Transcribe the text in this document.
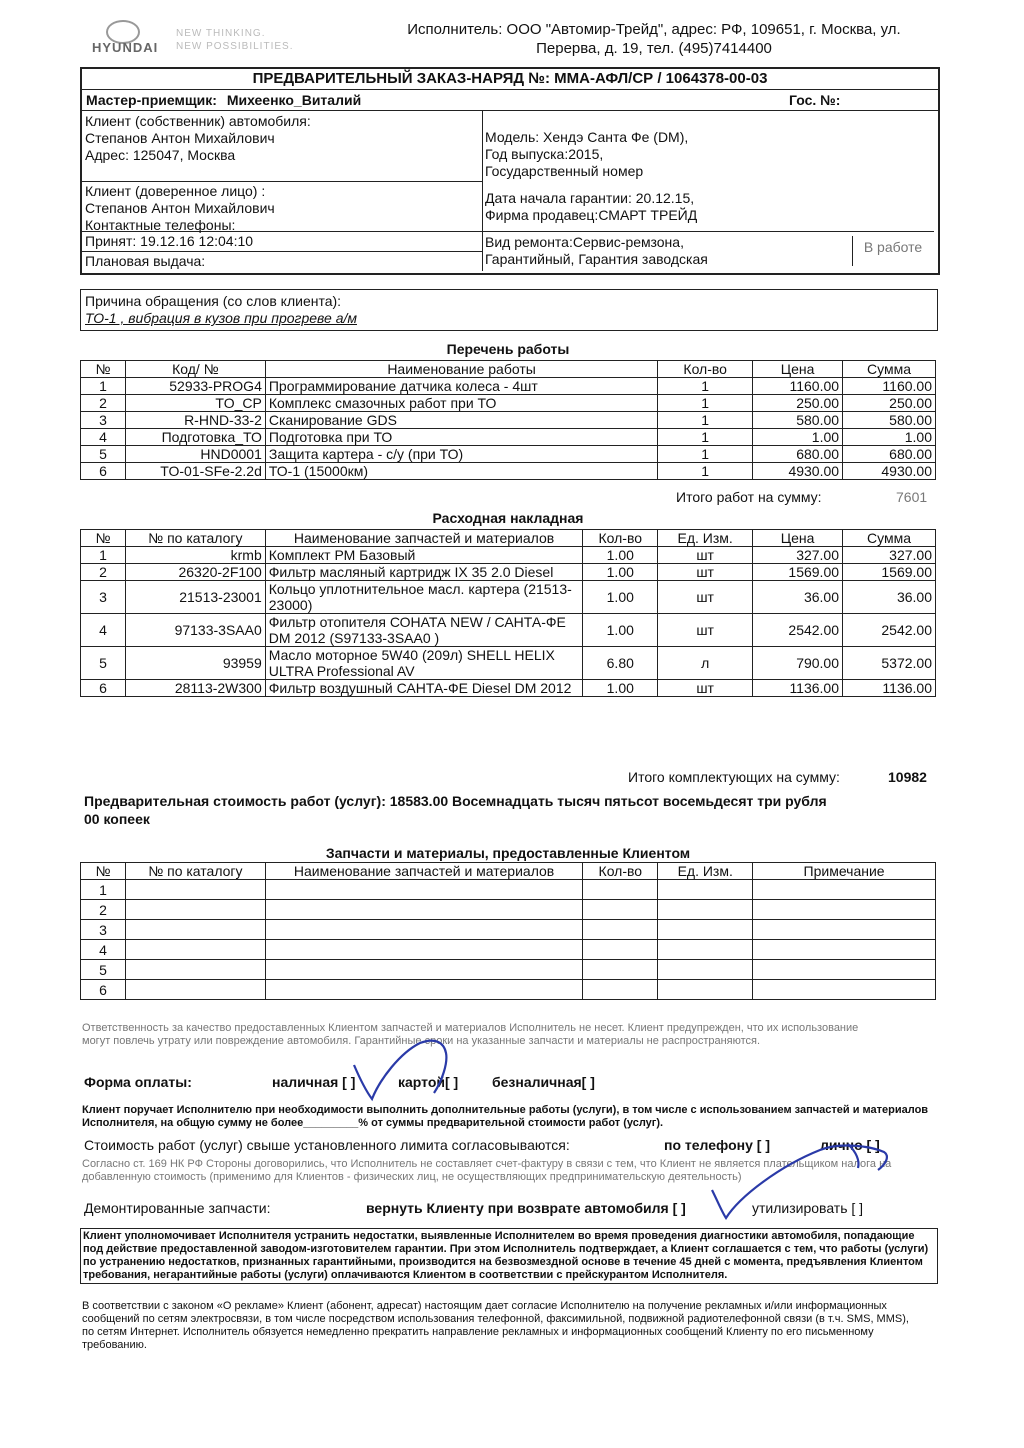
HYUNDAI
NEW THINKING.
NEW POSSIBILITIES.
Исполнитель: ООО "Автомир-Трейд", адрес: РФ, 109651, г. Москва, ул.
Перерва, д. 19, тел. (495)7414400
ПРЕДВАРИТЕЛЬНЫЙ ЗАКАЗ-НАРЯД №: ММА-АФЛ/СР / 1064378-00-03
Мастер-приемщик: Михеенко_Виталий	Гос. №:
Клиент (собственник) автомобиля:
Степанов Антон Михайлович
Адрес: 125047, Москва
Клиент (доверенное лицо) :
Степанов Антон Михайлович
Контактные телефоны:
Принят: 19.12.16 12:04:10
Плановая выдача:
Модель: Хендэ Санта Фе (DM),
Год выпуска:2015,
Государственный номер
Дата начала гарантии: 20.12.15,
Фирма продавец:СМАРТ ТРЕЙД
Вид ремонта:Сервис-ремзона,
Гарантийный, Гарантия заводская
В работе
Причина обращения (со слов клиента):
ТО-1 , вибрация в кузов при прогреве а/м
Перечень работы
№	Код/ №	Наименование работы	Кол-во	Цена	Сумма
1	52933-PROG4	Программирование датчика колеса - 4шт	1	1160.00	1160.00
2	TO_CP	Комплекс смазочных работ при ТО	1	250.00	250.00
3	R-HND-33-2	Сканирование GDS	1	580.00	580.00
4	Подготовка_ТО	Подготовка при ТО	1	1.00	1.00
5	HND0001	Защита картера - с/у (при ТО)	1	680.00	680.00
6	TO-01-SFe-2.2d	ТО-1 (15000км)	1	4930.00	4930.00
Итого работ на сумму:	7601
Расходная накладная
№	№ по каталогу	Наименование запчастей и материалов	Кол-во	Ед. Изм.	Цена	Сумма
1	krmb	Комплект РМ Базовый	1.00	шт	327.00	327.00
2	26320-2F100	Фильтр масляный картридж IX 35 2.0 Diesel	1.00	шт	1569.00	1569.00
3	21513-23001	Кольцо уплотнительное масл. картера (21513-23000)	1.00	шт	36.00	36.00
4	97133-3SAA0	Фильтр отопителя СОНАТА NEW / САНТА-ФЕ DM 2012 (S97133-3SAA0 )	1.00	шт	2542.00	2542.00
5	93959	Масло моторное 5W40 (209л) SHELL HELIX ULTRA Professional AV	6.80	л	790.00	5372.00
6	28113-2W300	Фильтр воздушный САНТА-ФЕ Diesel DM 2012	1.00	шт	1136.00	1136.00
Итого комплектующих на сумму:	10982
Предварительная стоимость работ (услуг): 18583.00 Восемнадцать тысяч пятьсот восемьдесят три рубля
00 копеек
Запчасти и материалы, предоставленные Клиентом
№	№ по каталогу	Наименование запчастей и материалов	Кол-во	Ед. Изм.	Примечание
1					
2					
3					
4					
5					
6					
Ответственность за качество предоставленных Клиентом запчастей и материалов Исполнитель не несет. Клиент предупрежден, что их использование могут повлечь утрату или повреждение автомобиля. Гарантийные сроки на указанные запчасти и материалы не распространяются.
Форма оплаты:	наличная [ ]	картой[ ] безналичная[ ]
Клиент поручает Исполнителю при необходимости выполнить дополнительные работы (услуги), в том числе с использованием запчастей и материалов Исполнителя, на общую сумму не более_________% от суммы предварительной стоимости работ (услуг).
Стоимость работ (услуг) свыше установленного лимита согласовываются:	по телефону [ ]	лично [ ]
Согласно ст. 169 НК РФ Стороны договорились, что Исполнитель не составляет счет-фактуру в связи с тем, что Клиент не является плательщиком налога на добавленную стоимость (применимо для Клиентов - физических лиц, не осуществляющих предпринимательскую деятельность)
Демонтированные запчасти:	вернуть Клиенту при возврате автомобиля [ ]	утилизировать [ ]
Клиент уполномочивает Исполнителя устранить недостатки, выявленные Исполнителем во время проведения диагностики автомобиля, попадающие под действие предоставленной заводом-изготовителем гарантии. При этом Исполнитель подтверждает, а Клиент соглашается с тем, что работы (услуги) по устранению недостатков, признанных гарантийными, производится на безвозмездной основе в течение 45 дней с момента, предъявления Клиентом требования, негарантийные работы (услуги) оплачиваются Клиентом в соответствии с прейскурантом Исполнителя.
В соответствии с законом «О рекламе» Клиент (абонент, адресат) настоящим дает согласие Исполнителю на получение рекламных и/или информационных сообщений по сетям электросвязи, в том числе посредством использования телефонной, факсимильной, подвижной радиотелефонной связи (в т.ч. SMS, MMS), по сетям Интернет. Исполнитель обязуется немедленно прекратить направление рекламных и информационных сообщений Клиенту по его письменному требованию.
